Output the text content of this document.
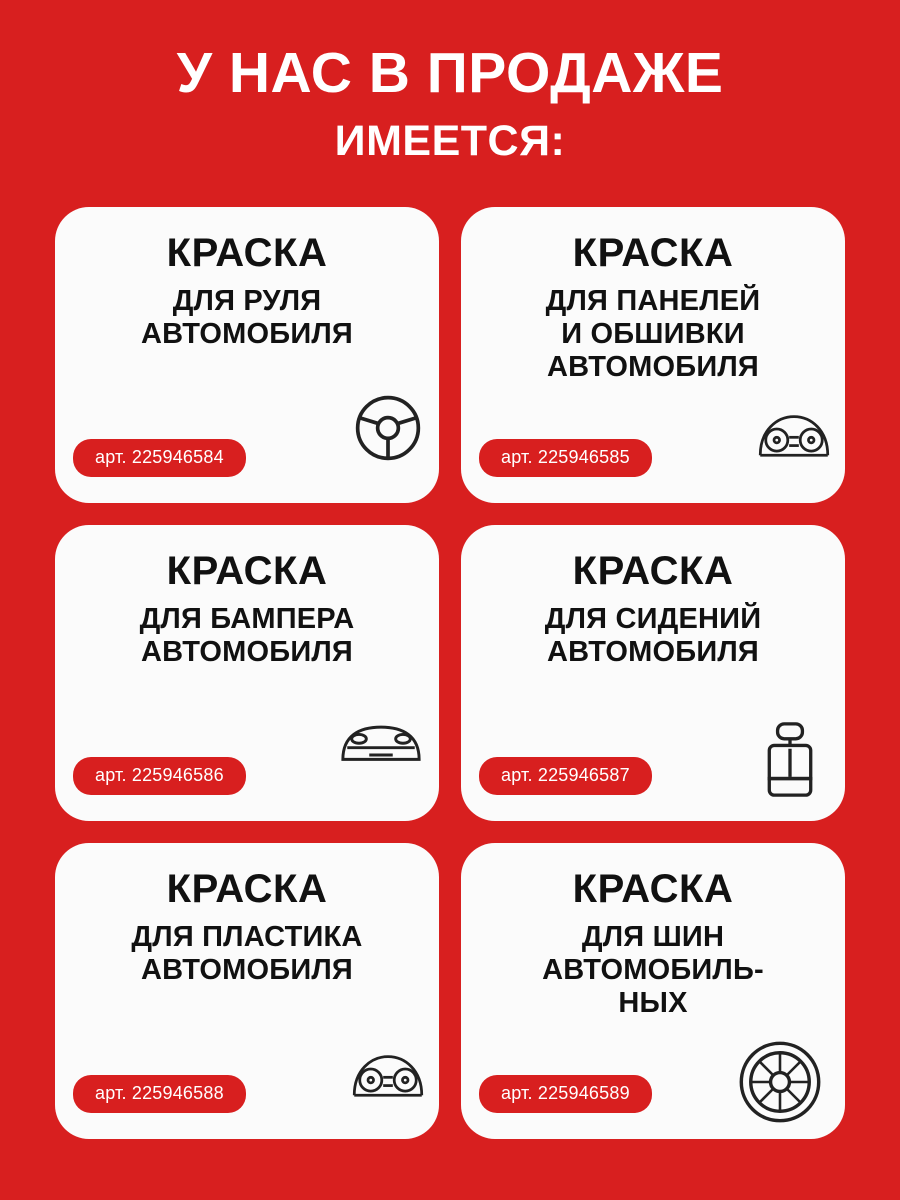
У НАС В ПРОДАЖЕ
ИМЕЕТСЯ:
КРАСКА
ДЛЯ РУЛЯ
АВТОМОБИЛЯ
арт. 225946584
КРАСКА
ДЛЯ ПАНЕЛЕЙ
И ОБШИВКИ
АВТОМОБИЛЯ
арт. 225946585
КРАСКА
ДЛЯ БАМПЕРА
АВТОМОБИЛЯ
арт. 225946586
КРАСКА
ДЛЯ СИДЕНИЙ
АВТОМОБИЛЯ
арт. 225946587
КРАСКА
ДЛЯ ПЛАСТИКА
АВТОМОБИЛЯ
арт. 225946588
КРАСКА
ДЛЯ ШИН
АВТОМОБИЛЬ-
НЫХ
арт. 225946589
